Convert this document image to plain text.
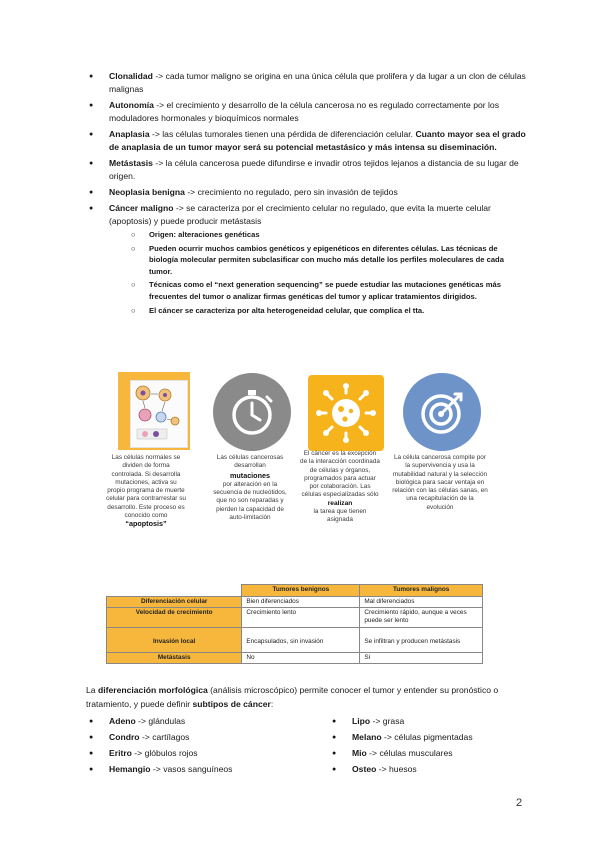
● Clonalidad -> cada tumor maligno se origina en una única célula que prolifera y da lugar a un clon de células malignas
● Autonomía -> el crecimiento y desarrollo de la célula cancerosa no es regulado correctamente por los moduladores hormonales y bioquímicos normales
● Anaplasia -> las células tumorales tienen una pérdida de diferenciación celular. Cuanto mayor sea el grado de anaplasia de un tumor mayor será su potencial metastásico y más intensa su diseminación.
● Metástasis -> la célula cancerosa puede difundirse e invadir otros tejidos lejanos a distancia de su lugar de origen.
● Neoplasia benigna -> crecimiento no regulado, pero sin invasión de tejidos
● Cáncer maligno -> se caracteriza por el crecimiento celular no regulado, que evita la muerte celular (apoptosis) y puede producir metástasis
○ Origen: alteraciones genéticas
○ Pueden ocurrir muchos cambios genéticos y epigenéticos en diferentes células. Las técnicas de biología molecular permiten subclasificar con mucho más detalle los perfiles moleculares de cada tumor.
○ Técnicas como el “next generation sequencing” se puede estudiar las mutaciones genéticas más frecuentes del tumor o analizar firmas genéticas del tumor y aplicar tratamientos dirigidos.
○ El cáncer se caracteriza por alta heterogeneidad celular, que complica el tta.

Las células normales se dividen de forma controlada. Si desarrolla mutaciones, activa su propio programa de muerte celular para contrarrestar su desarrollo. Este proceso es conocido como
“apoptosis”

Las células cancerosas desarrollan
mutaciones
por alteración en la secuencia de nucleótidos, que no son reparadas y pierden la capacidad de auto-limitación

El cáncer es la excepción de la interacción coordinada de células y órganos, programados para actuar por colaboración. Las células especializadas sólo
realizan
la tarea que tienen asignada

La célula cancerosa compite por la supervivencia y usa la mutabilidad natural y la selección biológica para sacar ventaja en relación con las células sanas, en una recapitulación de la evolución

	Tumores benignos	Tumores malignos
Diferenciación celular	Bien diferenciados	Mal diferenciados
Velocidad de crecimiento	Crecimiento lento	Crecimiento rápido, aunque a veces puede ser lento
Invasión local	Encapsulados, sin invasión	Se infiltran y producen metástasis
Metástasis	No	Sí

La diferenciación morfológica (análisis microscópico) permite conocer el tumor y entender su pronóstico o tratamiento, y puede definir subtipos de cáncer:

● Adeno -> glándulas
● Condro -> cartílagos
● Eritro -> glóbulos rojos
● Hemangio -> vasos sanguíneos
● Lipo -> grasa
● Melano -> células pigmentadas
● Mio -> células musculares
● Osteo -> huesos

2
